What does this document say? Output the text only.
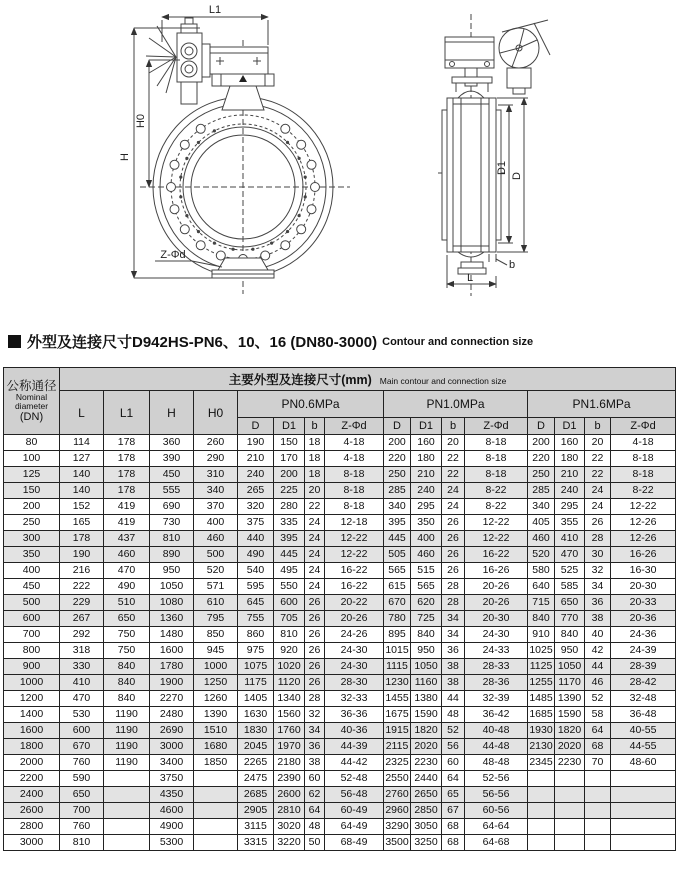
L1
H
H0
Z-Φd
D1
D
b
L
外型及连接尺寸D942HS-PN6、10、16 (DN80-3000) Contour and connection size
公称通径
Nominal
diameter
(DN)	主要外型及连接尺寸(mm) Main contour and connection size															
	L	L1	H	H0	PN0.6MPa				PN1.0MPa				PN1.6MPa			
					D	D1	b	Z-Φd	D	D1	b	Z-Φd	D	D1	b	Z-Φd
80	114	178	360	260	190	150	18	4-18	200	160	20	8-18	200	160	20	4-18
100	127	178	390	290	210	170	18	4-18	220	180	22	8-18	220	180	22	8-18
125	140	178	450	310	240	200	18	8-18	250	210	22	8-18	250	210	22	8-18
150	140	178	555	340	265	225	20	8-18	285	240	24	8-22	285	240	24	8-22
200	152	419	690	370	320	280	22	8-18	340	295	24	8-22	340	295	24	12-22
250	165	419	730	400	375	335	24	12-18	395	350	26	12-22	405	355	26	12-26
300	178	437	810	460	440	395	24	12-22	445	400	26	12-22	460	410	28	12-26
350	190	460	890	500	490	445	24	12-22	505	460	26	16-22	520	470	30	16-26
400	216	470	950	520	540	495	24	16-22	565	515	26	16-26	580	525	32	16-30
450	222	490	1050	571	595	550	24	16-22	615	565	28	20-26	640	585	34	20-30
500	229	510	1080	610	645	600	26	20-22	670	620	28	20-26	715	650	36	20-33
600	267	650	1360	795	755	705	26	20-26	780	725	34	20-30	840	770	38	20-36
700	292	750	1480	850	860	810	26	24-26	895	840	34	24-30	910	840	40	24-36
800	318	750	1600	945	975	920	26	24-30	1015	950	36	24-33	1025	950	42	24-39
900	330	840	1780	1000	1075	1020	26	24-30	1115	1050	38	28-33	1125	1050	44	28-39
1000	410	840	1900	1250	1175	1120	26	28-30	1230	1160	38	28-36	1255	1170	46	28-42
1200	470	840	2270	1260	1405	1340	28	32-33	1455	1380	44	32-39	1485	1390	52	32-48
1400	530	1190	2480	1390	1630	1560	32	36-36	1675	1590	48	36-42	1685	1590	58	36-48
1600	600	1190	2690	1510	1830	1760	34	40-36	1915	1820	52	40-48	1930	1820	64	40-55
1800	670	1190	3000	1680	2045	1970	36	44-39	2115	2020	56	44-48	2130	2020	68	44-55
2000	760	1190	3400	1850	2265	2180	38	44-42	2325	2230	60	48-48	2345	2230	70	48-60
2200	590		3750		2475	2390	60	52-48	2550	2440	64	52-56				
2400	650		4350		2685	2600	62	56-48	2760	2650	65	56-56				
2600	700		4600		2905	2810	64	60-49	2960	2850	67	60-56				
2800	760		4900		3115	3020	48	64-49	3290	3050	68	64-64				
3000	810		5300		3315	3220	50	68-49	3500	3250	68	64-68				
